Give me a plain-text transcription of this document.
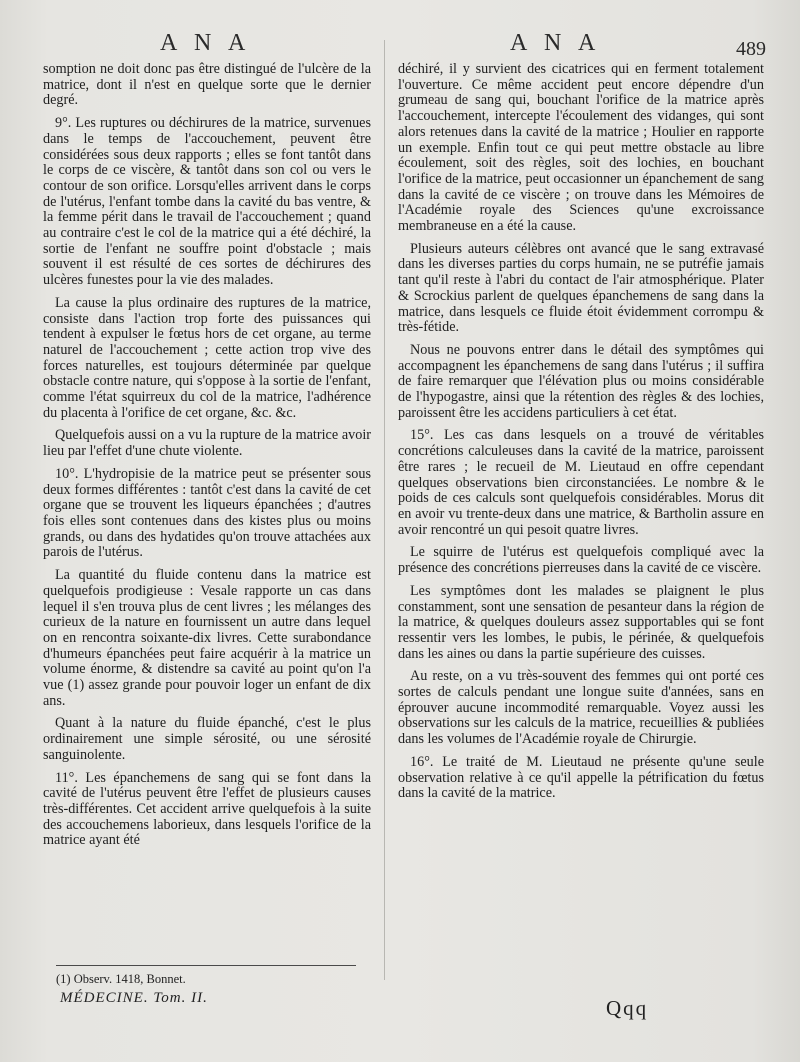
A N A	A N A	489

somption ne doit donc pas être distingué de l'ulcère de la matrice, dont il n'est en quelque sorte que le dernier degré.

9°. Les ruptures ou déchirures de la matrice, survenues dans le temps de l'accouchement, peuvent être considérées sous deux rapports ; elles se font tantôt dans le corps de ce viscère, & tantôt dans son col ou vers le contour de son orifice. Lorsqu'elles arrivent dans le corps de l'utérus, l'enfant tombe dans la cavité du bas ventre, & la femme périt dans le travail de l'accouchement ; quand au contraire c'est le col de la matrice qui a été déchiré, la sortie de l'enfant ne souffre point d'obstacle ; mais souvent il est résulté de ces sortes de déchirures des ulcères funestes pour la vie des malades.

La cause la plus ordinaire des ruptures de la matrice, consiste dans l'action trop forte des puissances qui tendent à expulser le fœtus hors de cet organe, au terme naturel de l'accouchement ; cette action trop vive des forces naturelles, est toujours déterminée par quelque obstacle contre nature, qui s'oppose à la sortie de l'enfant, comme l'état squirreux du col de la matrice, l'adhérence du placenta à l'orifice de cet organe, &c. &c.

Quelquefois aussi on a vu la rupture de la matrice avoir lieu par l'effet d'une chute violente.

10°. L'hydropisie de la matrice peut se présenter sous deux formes différentes : tantôt c'est dans la cavité de cet organe que se trouvent les liqueurs épanchées ; d'autres fois elles sont contenues dans des kistes plus ou moins grands, ou dans des hydatides qu'on trouve attachées aux parois de l'utérus.

La quantité du fluide contenu dans la matrice est quelquefois prodigieuse : Vesale rapporte un cas dans lequel il s'en trouva plus de cent livres ; les mélanges des curieux de la nature en fournissent un autre dans lequel on en rencontra soixante-dix livres. Cette surabondance d'humeurs épanchées peut faire acquérir à la matrice un volume énorme, & distendre sa cavité au point qu'on l'a vue (1) assez grande pour pouvoir loger un enfant de dix ans.

Quant à la nature du fluide épanché, c'est le plus ordinairement une simple sérosité, ou une sérosité sanguinolente.

11°. Les épanchemens de sang qui se font dans la cavité de l'utérus peuvent être l'effet de plusieurs causes très-différentes. Cet accident arrive quelquefois à la suite des accouchemens laborieux, dans lesquels l'orifice de la matrice ayant été

déchiré, il y survient des cicatrices qui en ferment totalement l'ouverture. Ce même accident peut encore dépendre d'un grumeau de sang qui, bouchant l'orifice de la matrice après l'accouchement, intercepte l'écoulement des vidanges, qui sont alors retenues dans la cavité de la matrice ; Houlier en rapporte un exemple. Enfin tout ce qui peut mettre obstacle au libre écoulement, soit des règles, soit des lochies, en bouchant l'orifice de la matrice, peut occasionner un épanchement de sang dans la cavité de ce viscère ; on trouve dans les Mémoires de l'Académie royale des Sciences qu'une excroissance membraneuse en a été la cause.

Plusieurs auteurs célèbres ont avancé que le sang extravasé dans les diverses parties du corps humain, ne se putréfie jamais tant qu'il reste à l'abri du contact de l'air atmosphérique. Plater & Scrockius parlent de quelques épanchemens de sang dans la matrice, dans lesquels ce fluide étoit évidemment corrompu & très-fétide.

Nous ne pouvons entrer dans le détail des symptômes qui accompagnent les épanchemens de sang dans l'utérus ; il suffira de faire remarquer que l'élévation plus ou moins considérable de l'hypogastre, ainsi que la rétention des règles & des lochies, paroissent être les accidens particuliers à cet état.

15°. Les cas dans lesquels on a trouvé de véritables concrétions calculeuses dans la cavité de la matrice, paroissent être rares ; le recueil de M. Lieutaud en offre cependant quelques observations bien circonstanciées. Le nombre & le poids de ces calculs sont quelquefois considérables. Morus dit en avoir vu trente-deux dans une matrice, & Bartholin assure en avoir rencontré un qui pesoit quatre livres.

Le squirre de l'utérus est quelquefois compliqué avec la présence des concrétions pierreuses dans la cavité de ce viscère.

Les symptômes dont les malades se plaignent le plus constamment, sont une sensation de pesanteur dans la région de la matrice, & quelques douleurs assez supportables qui se font ressentir vers les lombes, le pubis, le périnée, & quelquefois dans les aines ou dans la partie supérieure des cuisses.

Au reste, on a vu très-souvent des femmes qui ont porté ces sortes de calculs pendant une longue suite d'années, sans en éprouver aucune incommodité remarquable. Voyez aussi les observations sur les calculs de la matrice, recueillies & publiées dans les volumes de l'Académie royale de Chirurgie.

16°. Le traité de M. Lieutaud ne présente qu'une seule observation relative à ce qu'il appelle la pétrification du fœtus dans la cavité de la matrice.

(1) Observ. 1418, Bonnet.
MÉDECINE. Tom. II.	Qqq
